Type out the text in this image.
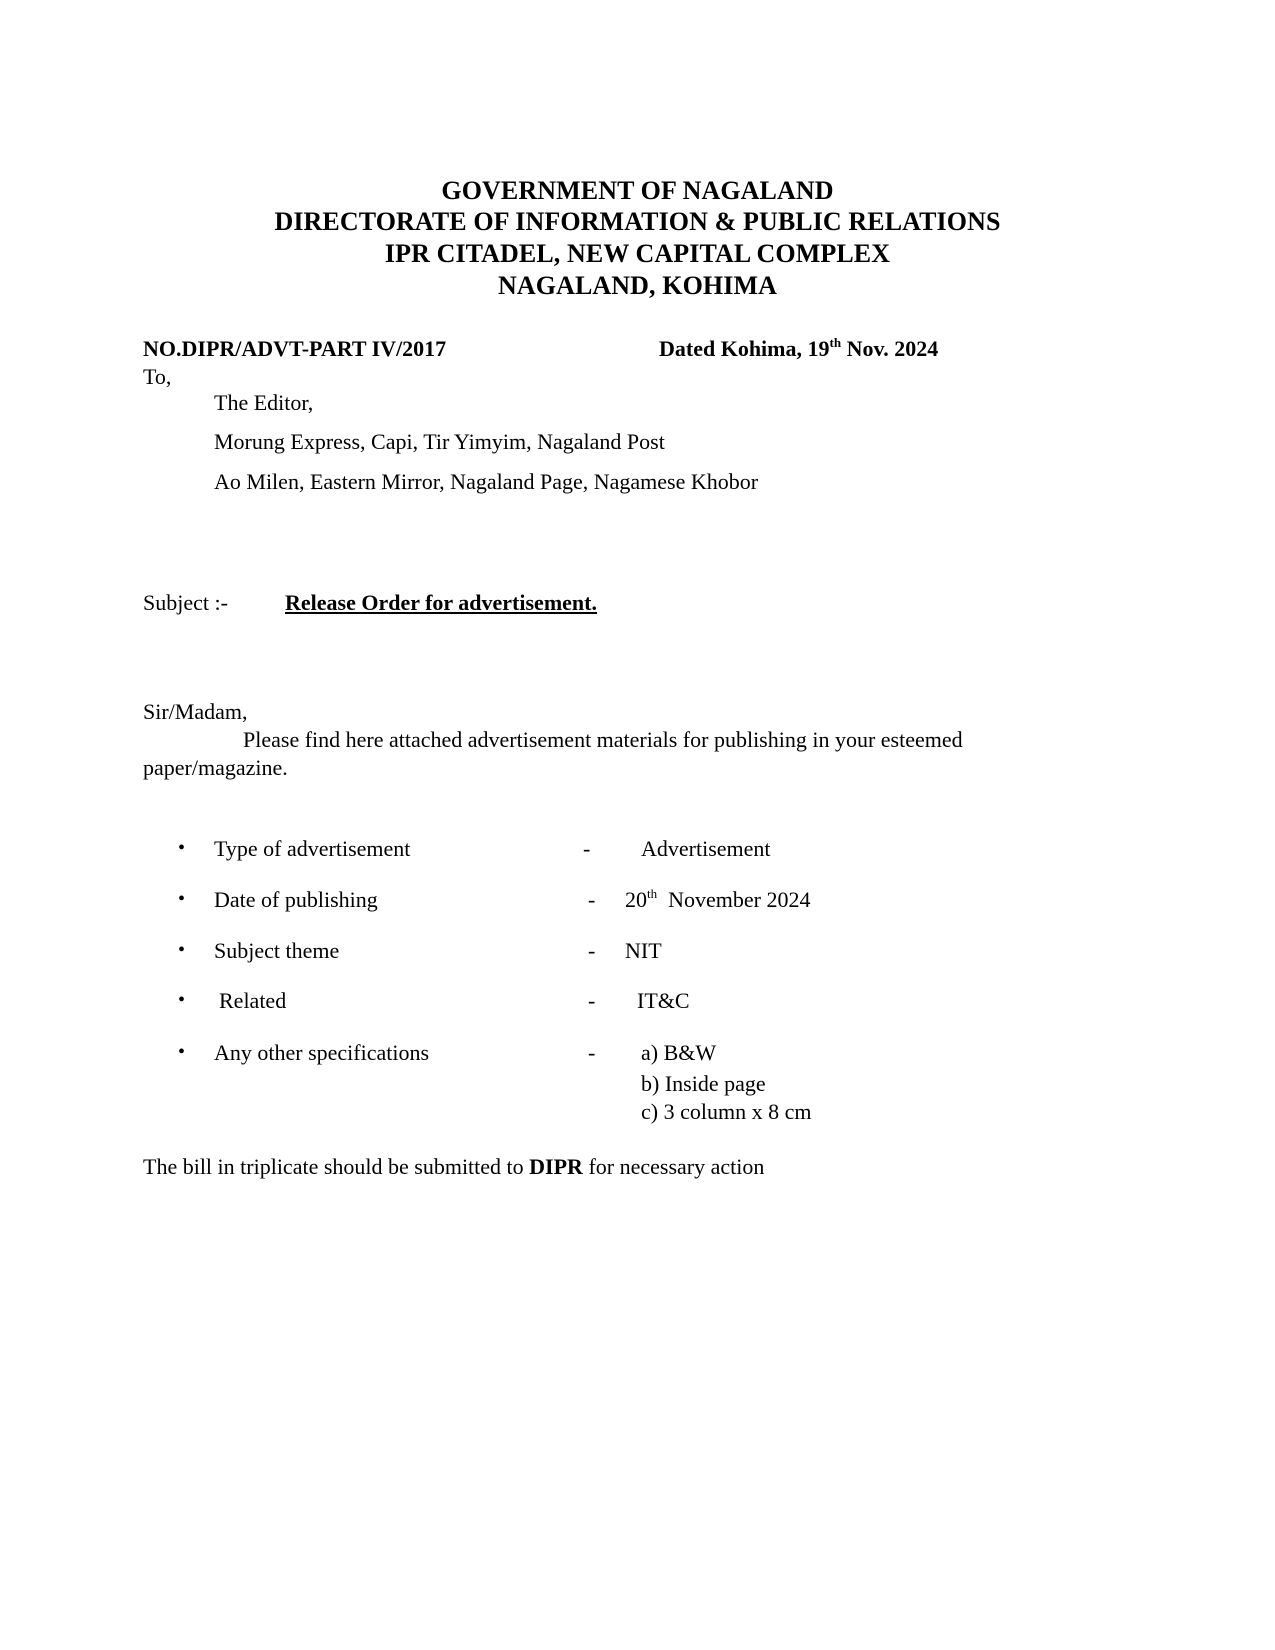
GOVERNMENT OF NAGALAND
DIRECTORATE OF INFORMATION & PUBLIC RELATIONS
IPR CITADEL, NEW CAPITAL COMPLEX
NAGALAND, KOHIMA
NO.DIPR/ADVT-PART IV/2017	Dated Kohima, 19th Nov. 2024
To,
The Editor,
Morung Express, Capi, Tir Yimyim, Nagaland Post
Ao Milen, Eastern Mirror, Nagaland Page, Nagamese Khobor
Subject :-	Release Order for advertisement.
Sir/Madam,
Please find here attached advertisement materials for publishing in your esteemed
paper/magazine.
• Type of advertisement	- Advertisement
• Date of publishing	- 20th  November 2024
• Subject theme	- NIT
• Related	- IT&C
• Any other specifications	- a) B&W
b) Inside page
c) 3 column x 8 cm
The bill in triplicate should be submitted to DIPR for necessary action
